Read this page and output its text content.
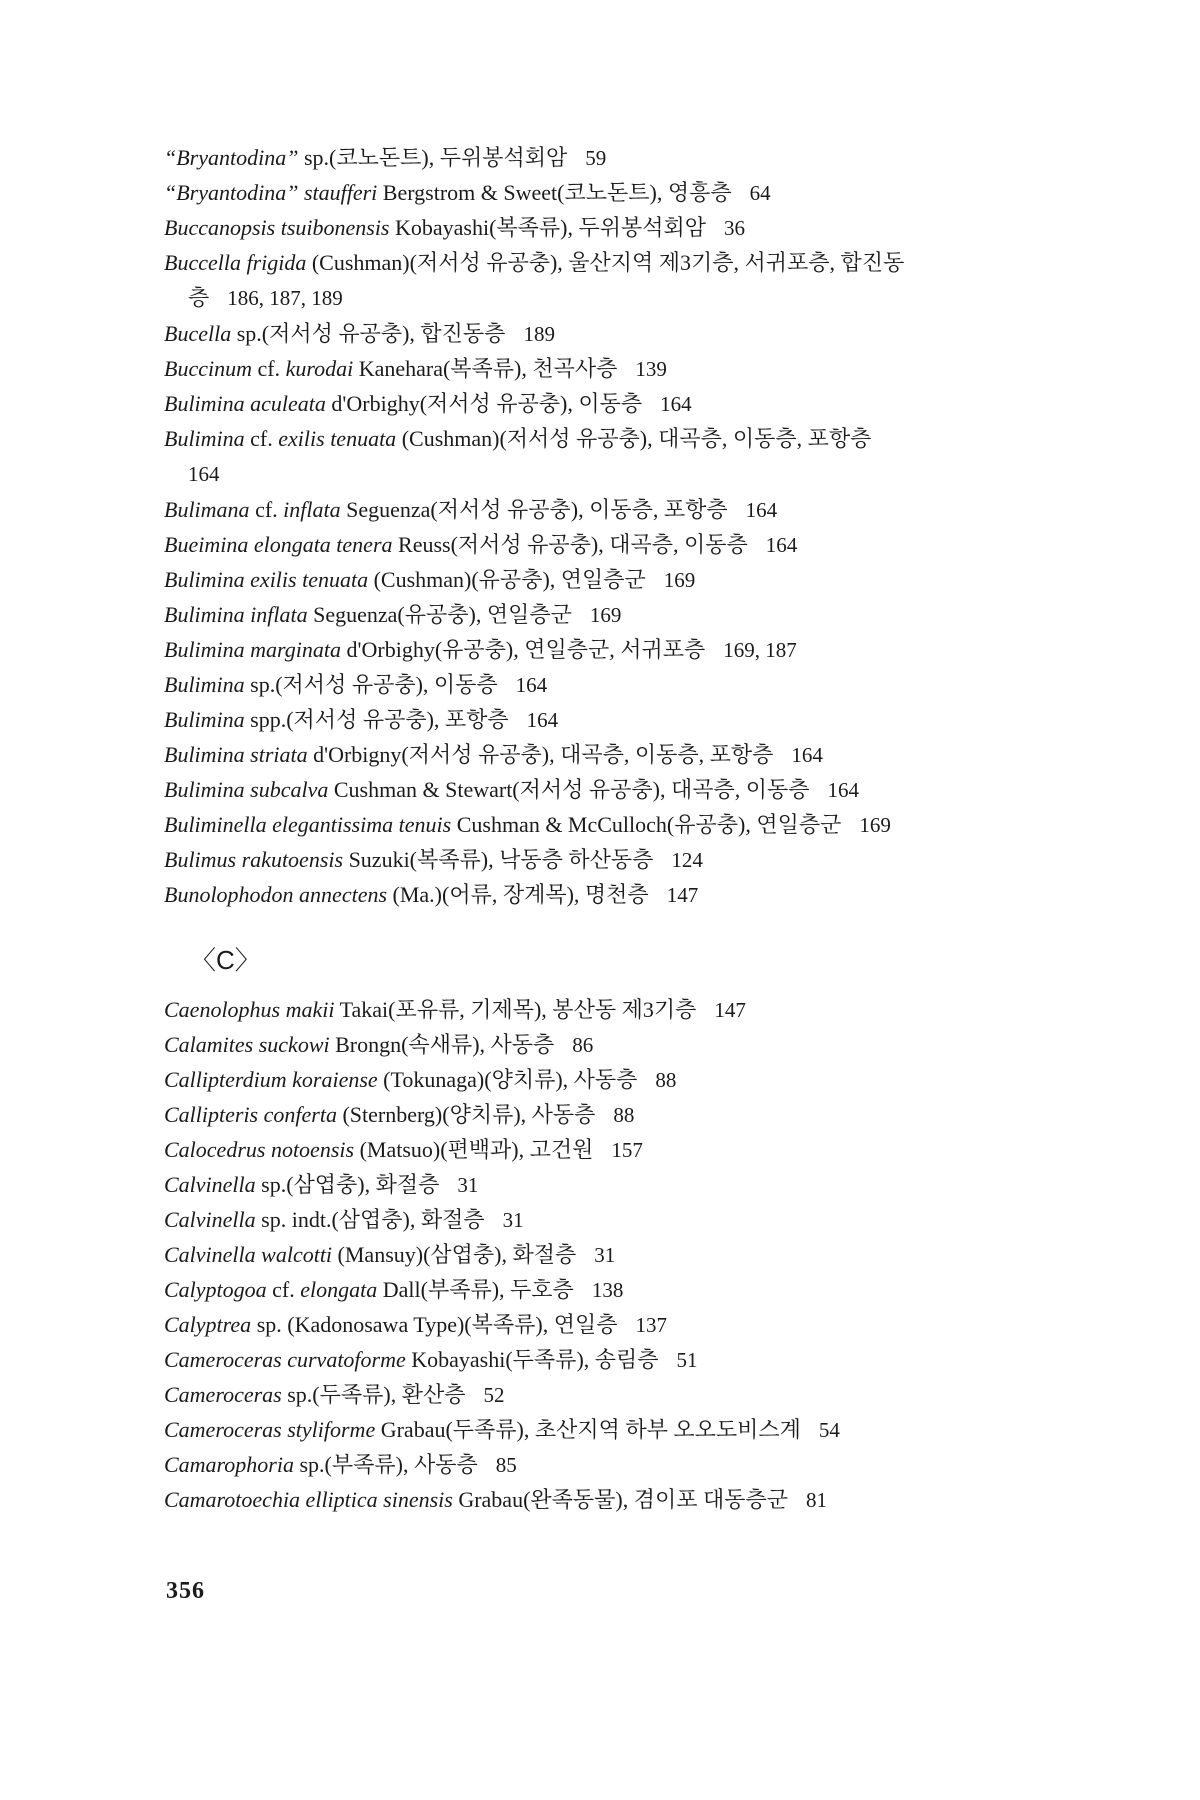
“Bryantodina” sp.(코노돈트), 두위봉석회암 59
“Bryantodina” staufferi Bergstrom & Sweet(코노돈트), 영흥층 64
Buccanopsis tsuibonensis Kobayashi(복족류), 두위봉석회암 36
Buccella frigida (Cushman)(저서성 유공충), 울산지역 제3기층, 서귀포층, 합진동
층 186, 187, 189
Bucella sp.(저서성 유공충), 합진동층 189
Buccinum cf. kurodai Kanehara(복족류), 천곡사층 139
Bulimina aculeata d'Orbighy(저서성 유공충), 이동층 164
Bulimina cf. exilis tenuata (Cushman)(저서성 유공충), 대곡층, 이동층, 포항층
164
Bulimana cf. inflata Seguenza(저서성 유공충), 이동층, 포항층 164
Bueimina elongata tenera Reuss(저서성 유공충), 대곡층, 이동층 164
Bulimina exilis tenuata (Cushman)(유공충), 연일층군 169
Bulimina inflata Seguenza(유공충), 연일층군 169
Bulimina marginata d'Orbighy(유공충), 연일층군, 서귀포층 169, 187
Bulimina sp.(저서성 유공충), 이동층 164
Bulimina spp.(저서성 유공충), 포항층 164
Bulimina striata d'Orbigny(저서성 유공충), 대곡층, 이동층, 포항층 164
Bulimina subcalva Cushman & Stewart(저서성 유공충), 대곡층, 이동층 164
Buliminella elegantissima tenuis Cushman & McCulloch(유공충), 연일층군 169
Bulimus rakutoensis Suzuki(복족류), 낙동층 하산동층 124
Bunolophodon annectens (Ma.)(어류, 장계목), 명천층 147
〈C〉
Caenolophus makii Takai(포유류, 기제목), 봉산동 제3기층 147
Calamites suckowi Brongn(속새류), 사동층 86
Callipterdium koraiense (Tokunaga)(양치류), 사동층 88
Callipteris conferta (Sternberg)(양치류), 사동층 88
Calocedrus notoensis (Matsuo)(편백과), 고건원 157
Calvinella sp.(삼엽충), 화절층 31
Calvinella sp. indt.(삼엽충), 화절층 31
Calvinella walcotti (Mansuy)(삼엽충), 화절층 31
Calyptogoa cf. elongata Dall(부족류), 두호층 138
Calyptrea sp. (Kadonosawa Type)(복족류), 연일층 137
Cameroceras curvatoforme Kobayashi(두족류), 송림층 51
Cameroceras sp.(두족류), 환산층 52
Cameroceras styliforme Grabau(두족류), 초산지역 하부 오오도비스계 54
Camarophoria sp.(부족류), 사동층 85
Camarotoechia elliptica sinensis Grabau(완족동물), 겸이포 대동층군 81
356
